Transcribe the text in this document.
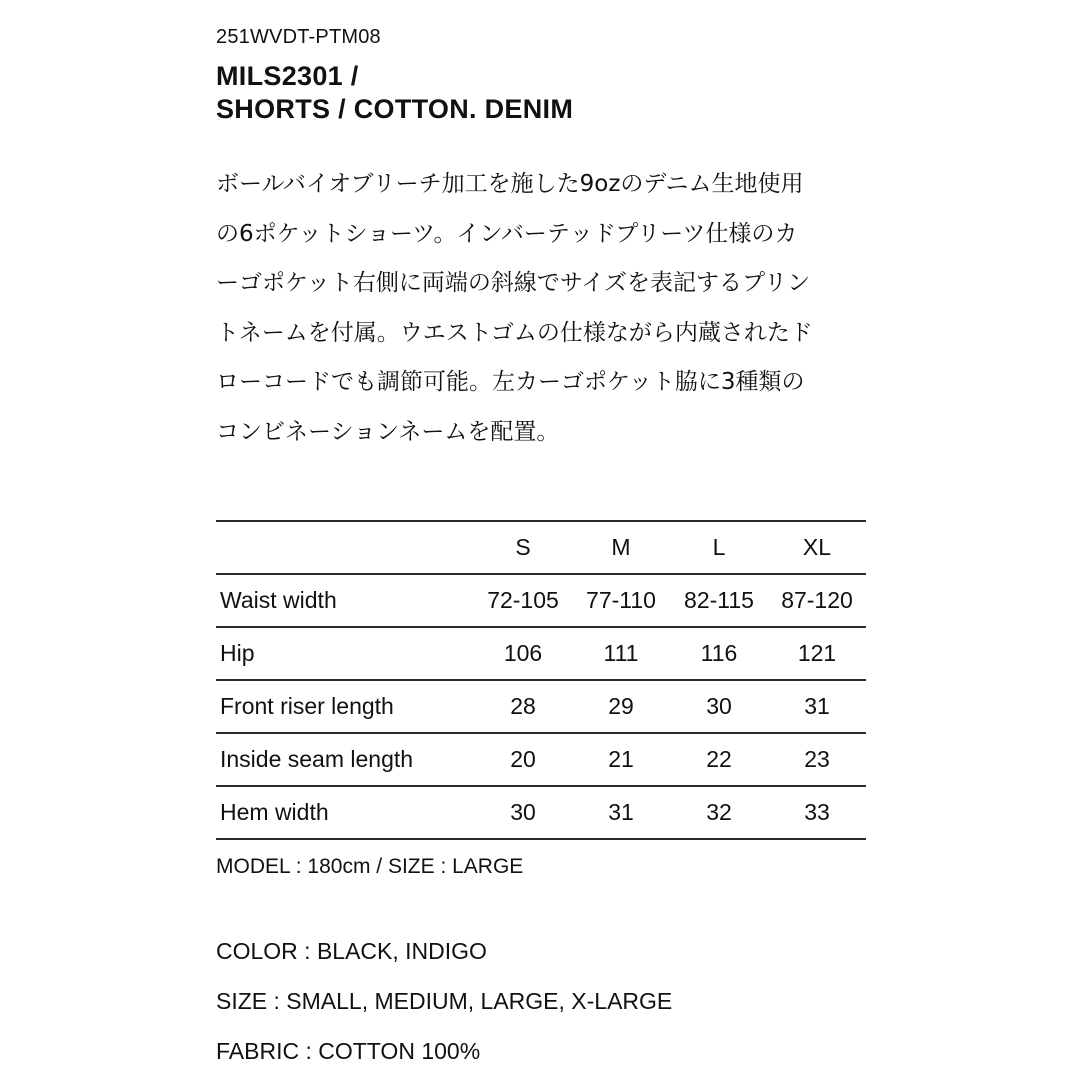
251WVDT-PTM08
MILS2301 /
SHORTS / COTTON. DENIM
ボールバイオブリーチ加工を施した9ozのデニム生地使用
の6ポケットショーツ。インバーテッドプリーツ仕様のカ
ーゴポケット右側に両端の斜線でサイズを表記するプリン
トネームを付属。ウエストゴムの仕様ながら内蔵されたド
ローコードでも調節可能。左カーゴポケット脇に3種類の
コンビネーションネームを配置。
	S	M	L	XL
Waist width	72-105	77-110	82-115	87-120
Hip	106	111	116	121
Front riser length	28	29	30	31
Inside seam length	20	21	22	23
Hem width	30	31	32	33
MODEL : 180cm / SIZE : LARGE
COLOR : BLACK, INDIGO
SIZE : SMALL, MEDIUM, LARGE, X-LARGE
FABRIC : COTTON 100%
